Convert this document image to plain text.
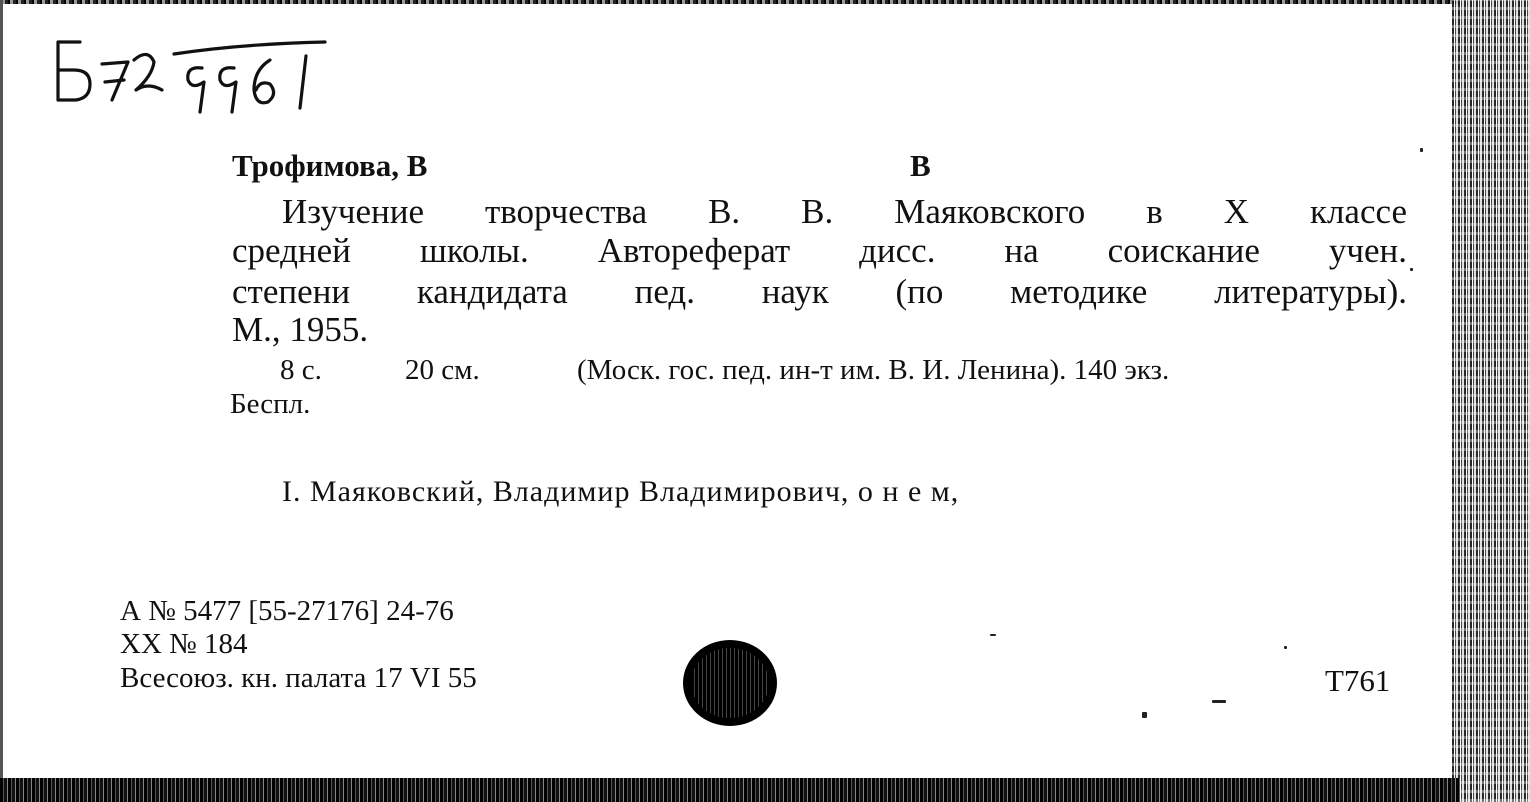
Трофимова, В	В
Изучение творчества В. В. Маяковского в X классе
средней школы. Автореферат дисс. на соискание учен.
степени кандидата пед. наук (по методике литературы).
М., 1955.
8 с.	20 см.	(Моск. гос. пед. ин-т им. В. И. Ленина). 140 экз.
Беспл.
I. Маяковский, Владимир Владимирович, о н е м,
А № 5477 [55-27176] 24-76
XX № 184
Всесоюз. кн. палата 17 VI 55	T761
